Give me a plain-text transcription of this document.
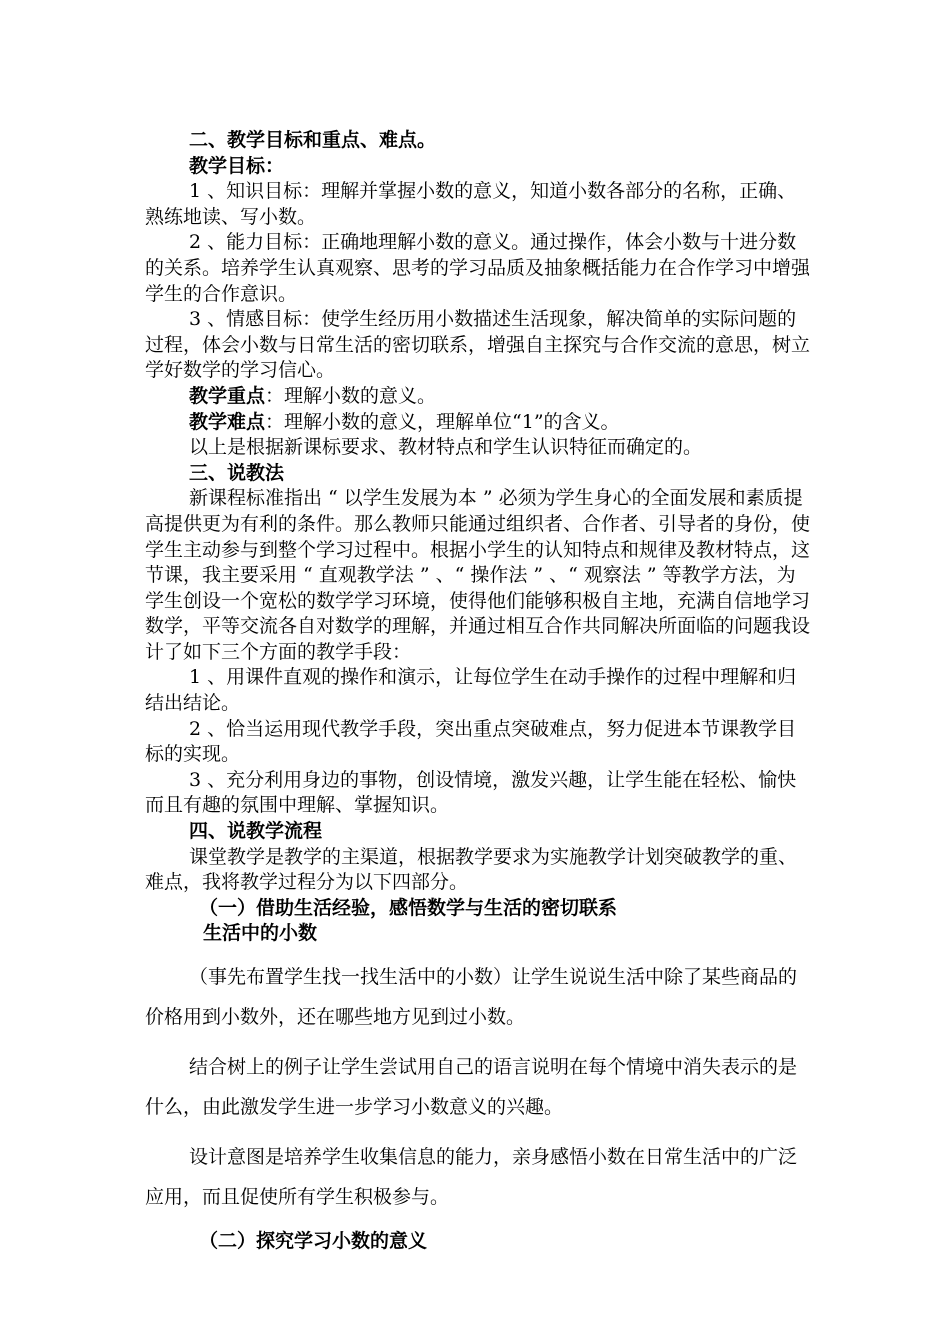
二、教学目标和重点、难点。

教学目标：

1 、知识目标：理解并掌握小数的意义，知道小数各部分的名称，正确、熟练地读、写小数。

2 、能力目标：正确地理解小数的意义。通过操作，体会小数与十进分数的关系。培养学生认真观察、思考的学习品质及抽象概括能力在合作学习中增强学生的合作意识。

3 、情感目标：使学生经历用小数描述生活现象，解决简单的实际问题的过程，体会小数与日常生活的密切联系，增强自主探究与合作交流的意思，树立学好数学的学习信心。

教学重点：理解小数的意义。

教学难点：理解小数的意义，理解单位“1”的含义。

以上是根据新课标要求、教材特点和学生认识特征而确定的。

三、说教法

新课程标准指出 “ 以学生发展为本 ” 必须为学生身心的全面发展和素质提高提供更为有利的条件。那么教师只能通过组织者、合作者、引导者的身份，使学生主动参与到整个学习过程中。根据小学生的认知特点和规律及教材特点，这节课，我主要采用 “ 直观教学法 ” 、“ 操作法 ” 、“ 观察法 ” 等教学方法，为学生创设一个宽松的数学学习环境，使得他们能够积极自主地，充满自信地学习数学，平等交流各自对数学的理解，并通过相互合作共同解决所面临的问题我设计了如下三个方面的教学手段：

1 、用课件直观的操作和演示，让每位学生在动手操作的过程中理解和归结出结论。

2 、恰当运用现代教学手段，突出重点突破难点，努力促进本节课教学目标的实现。

3 、充分利用身边的事物，创设情境，激发兴趣，让学生能在轻松、愉快而且有趣的氛围中理解、掌握知识。

四、说教学流程

课堂教学是教学的主渠道，根据教学要求为实施教学计划突破教学的重、难点，我将教学过程分为以下四部分。

（一）借助生活经验，感悟数学与生活的密切联系

生活中的小数

（事先布置学生找一找生活中的小数）让学生说说生活中除了某些商品的价格用到小数外，还在哪些地方见到过小数。

结合树上的例子让学生尝试用自己的语言说明在每个情境中消失表示的是什么，由此激发学生进一步学习小数意义的兴趣。

设计意图是培养学生收集信息的能力，亲身感悟小数在日常生活中的广泛应用，而且促使所有学生积极参与。

（二）探究学习小数的意义
